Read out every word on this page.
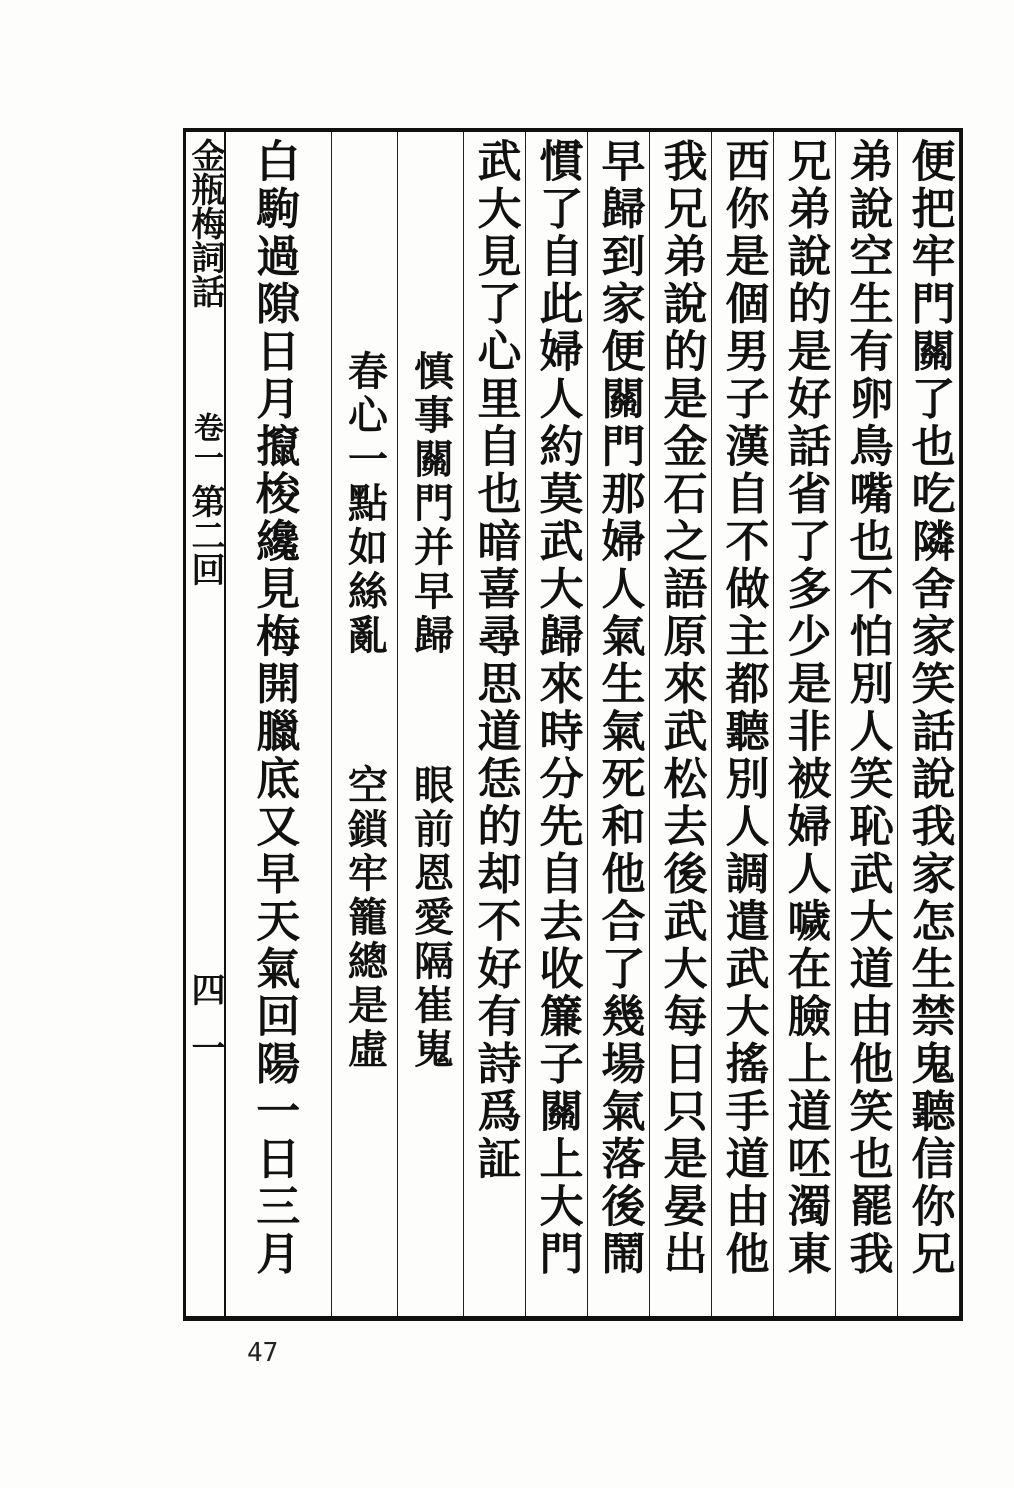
便把牢門關了也吃隣舍家笑話說我家怎生禁鬼聽信你兄
弟說空生有卵鳥嘴也不怕別人笑恥武大道由他笑也罷我
兄弟說的是好話省了多少是非被婦人噦在臉上道呸濁東
西你是個男子漢自不做主都聽別人調遣武大搖手道由他
我兄弟說的是金石之語原來武松去後武大每日只是晏出
早歸到家便關門那婦人氣生氣死和他合了幾場氣落後鬧
慣了自此婦人約莫武大歸來時分先自去收簾子關上大門
武大見了心里自也暗喜尋思道恁的却不好有詩爲証
慎事關門并早歸
眼前恩愛隔崔嵬
春心一點如絲亂
空鎖牢籠總是虛
白駒過隙日月攛梭纔見梅開臘底又早天氣回陽一日三月
金瓶梅詞話
卷一
第二回
四一
47
